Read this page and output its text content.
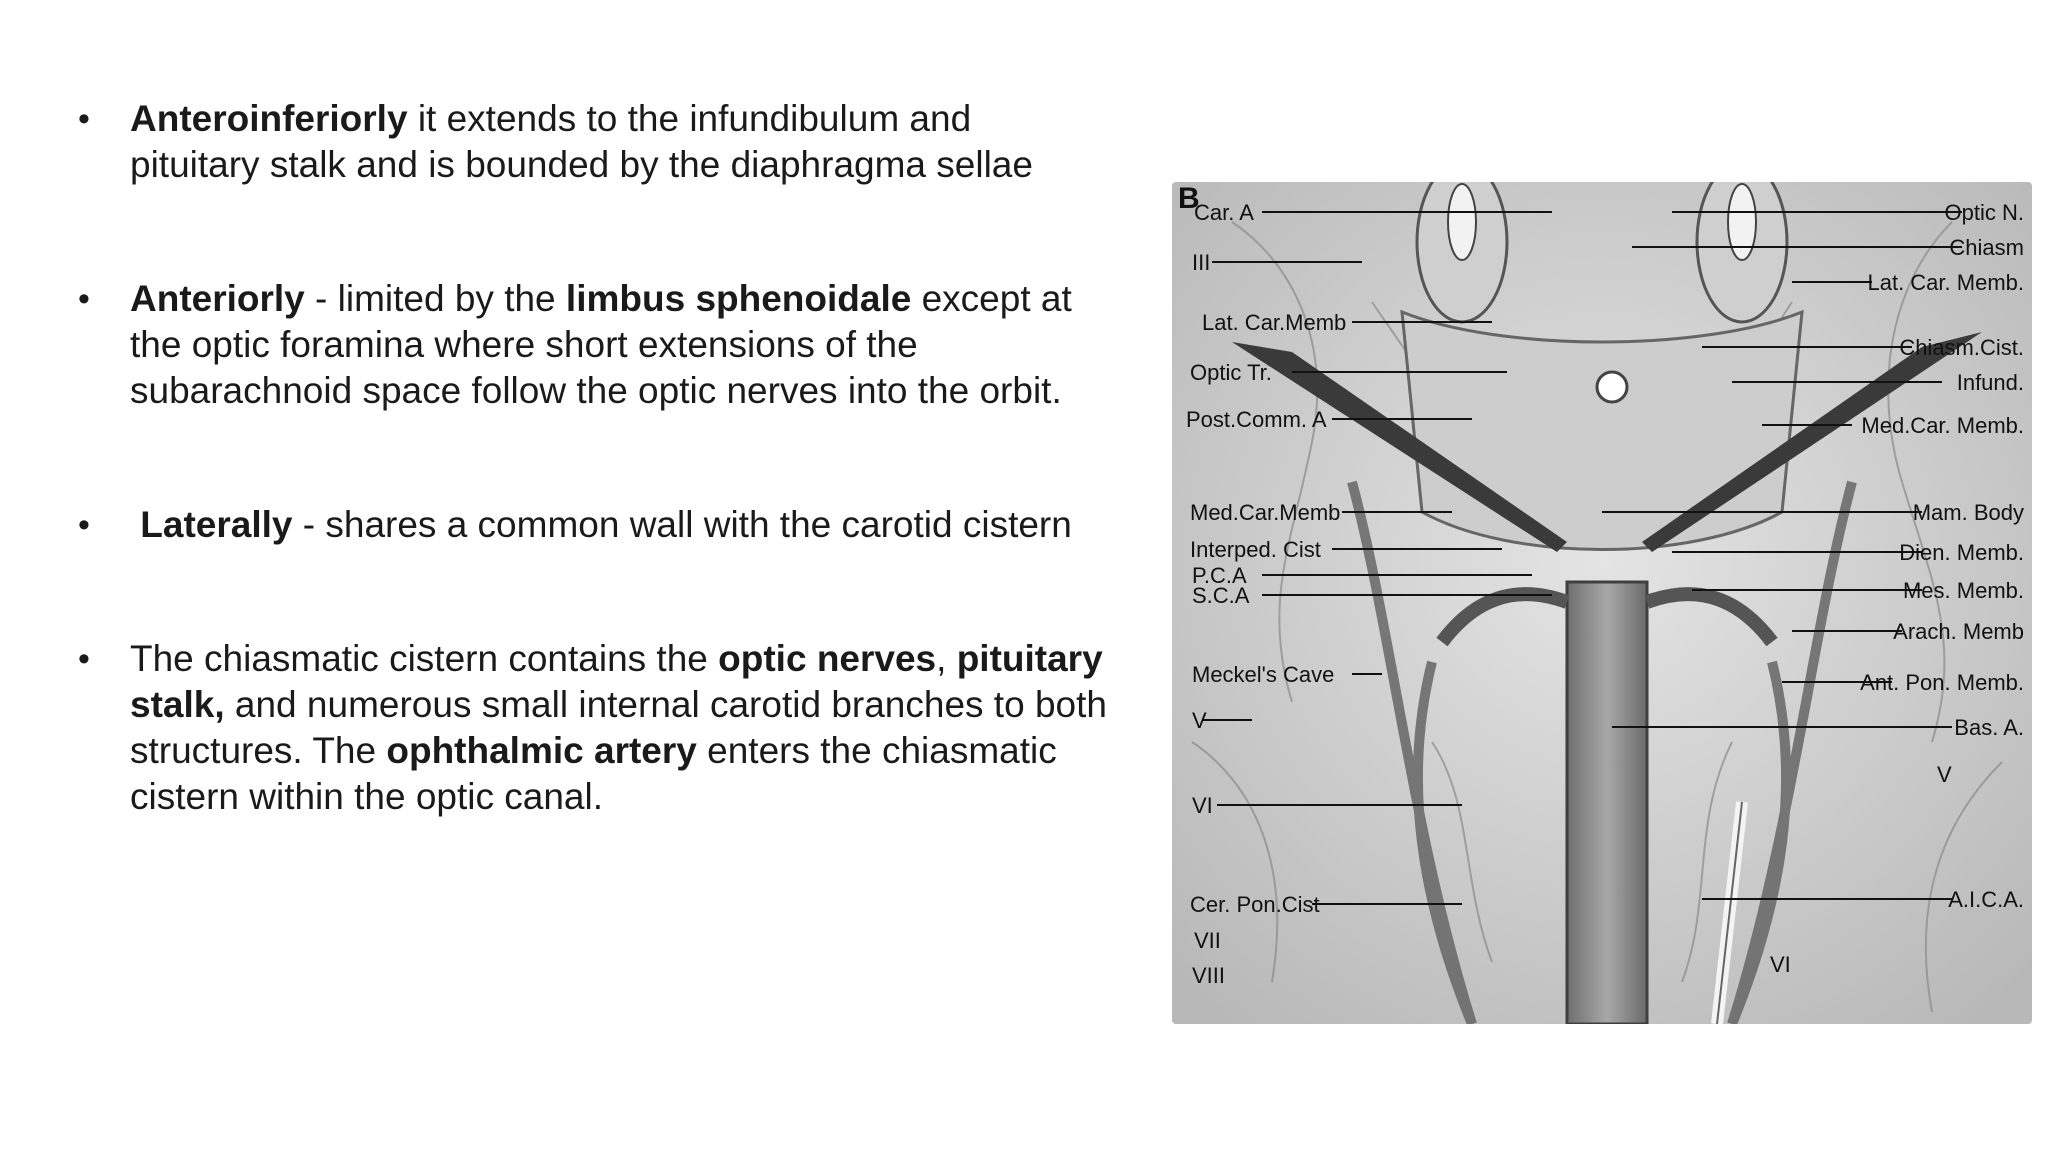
•	Anteroinferiorly it extends to the infundibulum and pituitary stalk and is bounded by the diaphragma sellae
•	Anteriorly - limited by the limbus sphenoidale except at the optic foramina where short extensions of the subarachnoid space follow the optic nerves into the orbit.
•	Laterally - shares a common wall with the carotid cistern
•	The chiasmatic cistern contains the optic nerves, pituitary stalk, and numerous small internal carotid branches to both structures. The ophthalmic artery enters the chiasmatic cistern within the optic canal.
B
Car. A
III
Lat. Car.Memb
Optic Tr.
Post.Comm. A
Med.Car.Memb
Interped. Cist
P.C.A
S.C.A
Meckel's Cave
V
VI
Cer. Pon.Cist
VII
VIII
Optic N.
Chiasm
Lat. Car. Memb.
Chiasm.Cist.
Infund.
Med.Car. Memb.
Mam. Body
Dien. Memb.
Mes. Memb.
Arach. Memb
Ant. Pon. Memb.
Bas. A.
A.I.C.A.
V
VI
